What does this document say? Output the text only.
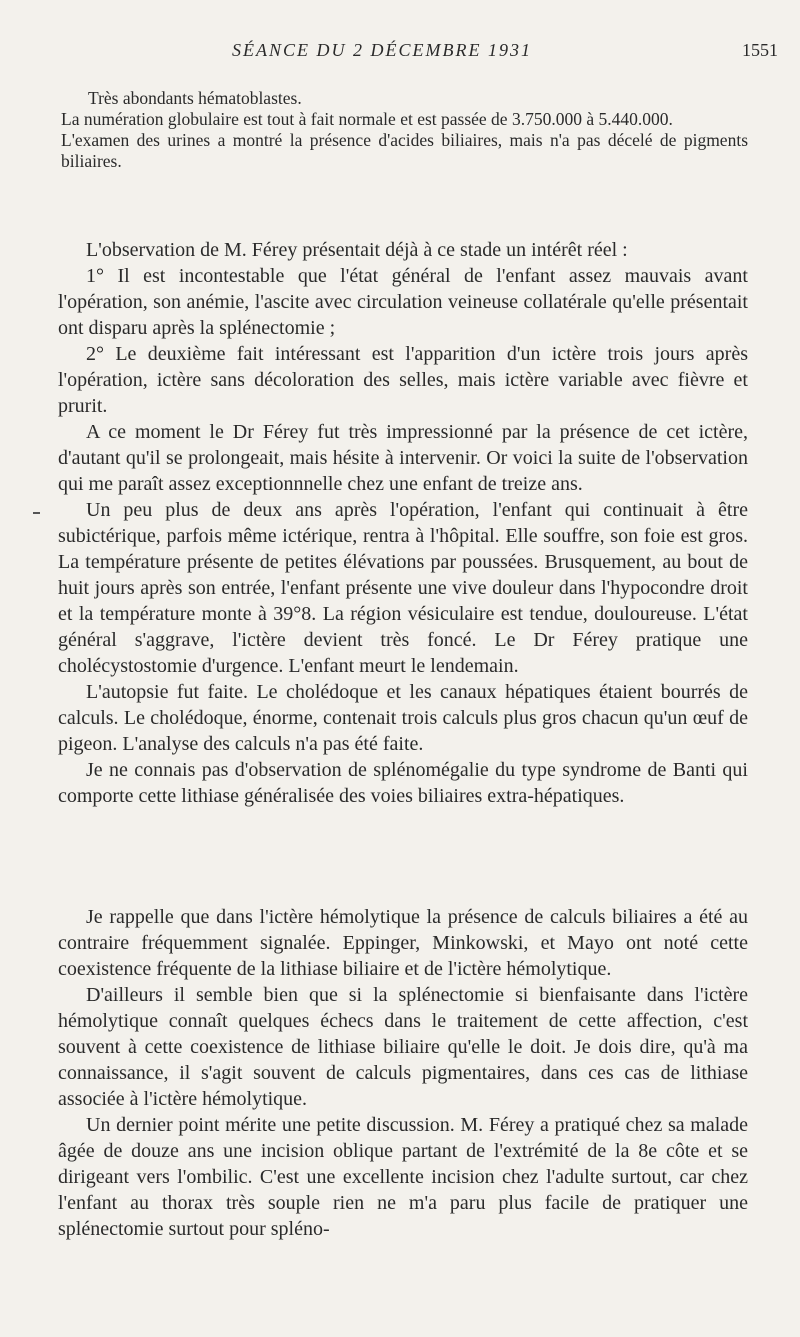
SÉANCE DU 2 DÉCEMBRE 1931	1551

Très abondants hématoblastes.

La numération globulaire est tout à fait normale et est passée de 3.750.000 à 5.440.000.

L'examen des urines a montré la présence d'acides biliaires, mais n'a pas décelé de pigments biliaires.

L'observation de M. Férey présentait déjà à ce stade un intérêt réel :

1° Il est incontestable que l'état général de l'enfant assez mauvais avant l'opération, son anémie, l'ascite avec circulation veineuse collatérale qu'elle présentait ont disparu après la splénectomie ;

2° Le deuxième fait intéressant est l'apparition d'un ictère trois jours après l'opération, ictère sans décoloration des selles, mais ictère variable avec fièvre et prurit.

A ce moment le Dr Férey fut très impressionné par la présence de cet ictère, d'autant qu'il se prolongeait, mais hésite à intervenir. Or voici la suite de l'observation qui me paraît assez exceptionnnelle chez une enfant de treize ans.

Un peu plus de deux ans après l'opération, l'enfant qui continuait à être subictérique, parfois même ictérique, rentra à l'hôpital. Elle souffre, son foie est gros. La température présente de petites élévations par poussées. Brusquement, au bout de huit jours après son entrée, l'enfant présente une vive douleur dans l'hypocondre droit et la température monte à 39°8. La région vésiculaire est tendue, douloureuse. L'état général s'aggrave, l'ictère devient très foncé. Le Dr Férey pratique une cholécystostomie d'urgence. L'enfant meurt le lendemain.

L'autopsie fut faite. Le cholédoque et les canaux hépatiques étaient bourrés de calculs. Le cholédoque, énorme, contenait trois calculs plus gros chacun qu'un œuf de pigeon. L'analyse des calculs n'a pas été faite.

Je ne connais pas d'observation de splénomégalie du type syndrome de Banti qui comporte cette lithiase généralisée des voies biliaires extra-hépatiques.

Je rappelle que dans l'ictère hémolytique la présence de calculs biliaires a été au contraire fréquemment signalée. Eppinger, Minkowski, et Mayo ont noté cette coexistence fréquente de la lithiase biliaire et de l'ictère hémolytique.

D'ailleurs il semble bien que si la splénectomie si bienfaisante dans l'ictère hémolytique connaît quelques échecs dans le traitement de cette affection, c'est souvent à cette coexistence de lithiase biliaire qu'elle le doit. Je dois dire, qu'à ma connaissance, il s'agit souvent de calculs pigmentaires, dans ces cas de lithiase associée à l'ictère hémolytique.

Un dernier point mérite une petite discussion. M. Férey a pratiqué chez sa malade âgée de douze ans une incision oblique partant de l'extrémité de la 8e côte et se dirigeant vers l'ombilic. C'est une excellente incision chez l'adulte surtout, car chez l'enfant au thorax très souple rien ne m'a paru plus facile de pratiquer une splénectomie surtout pour spléno-
